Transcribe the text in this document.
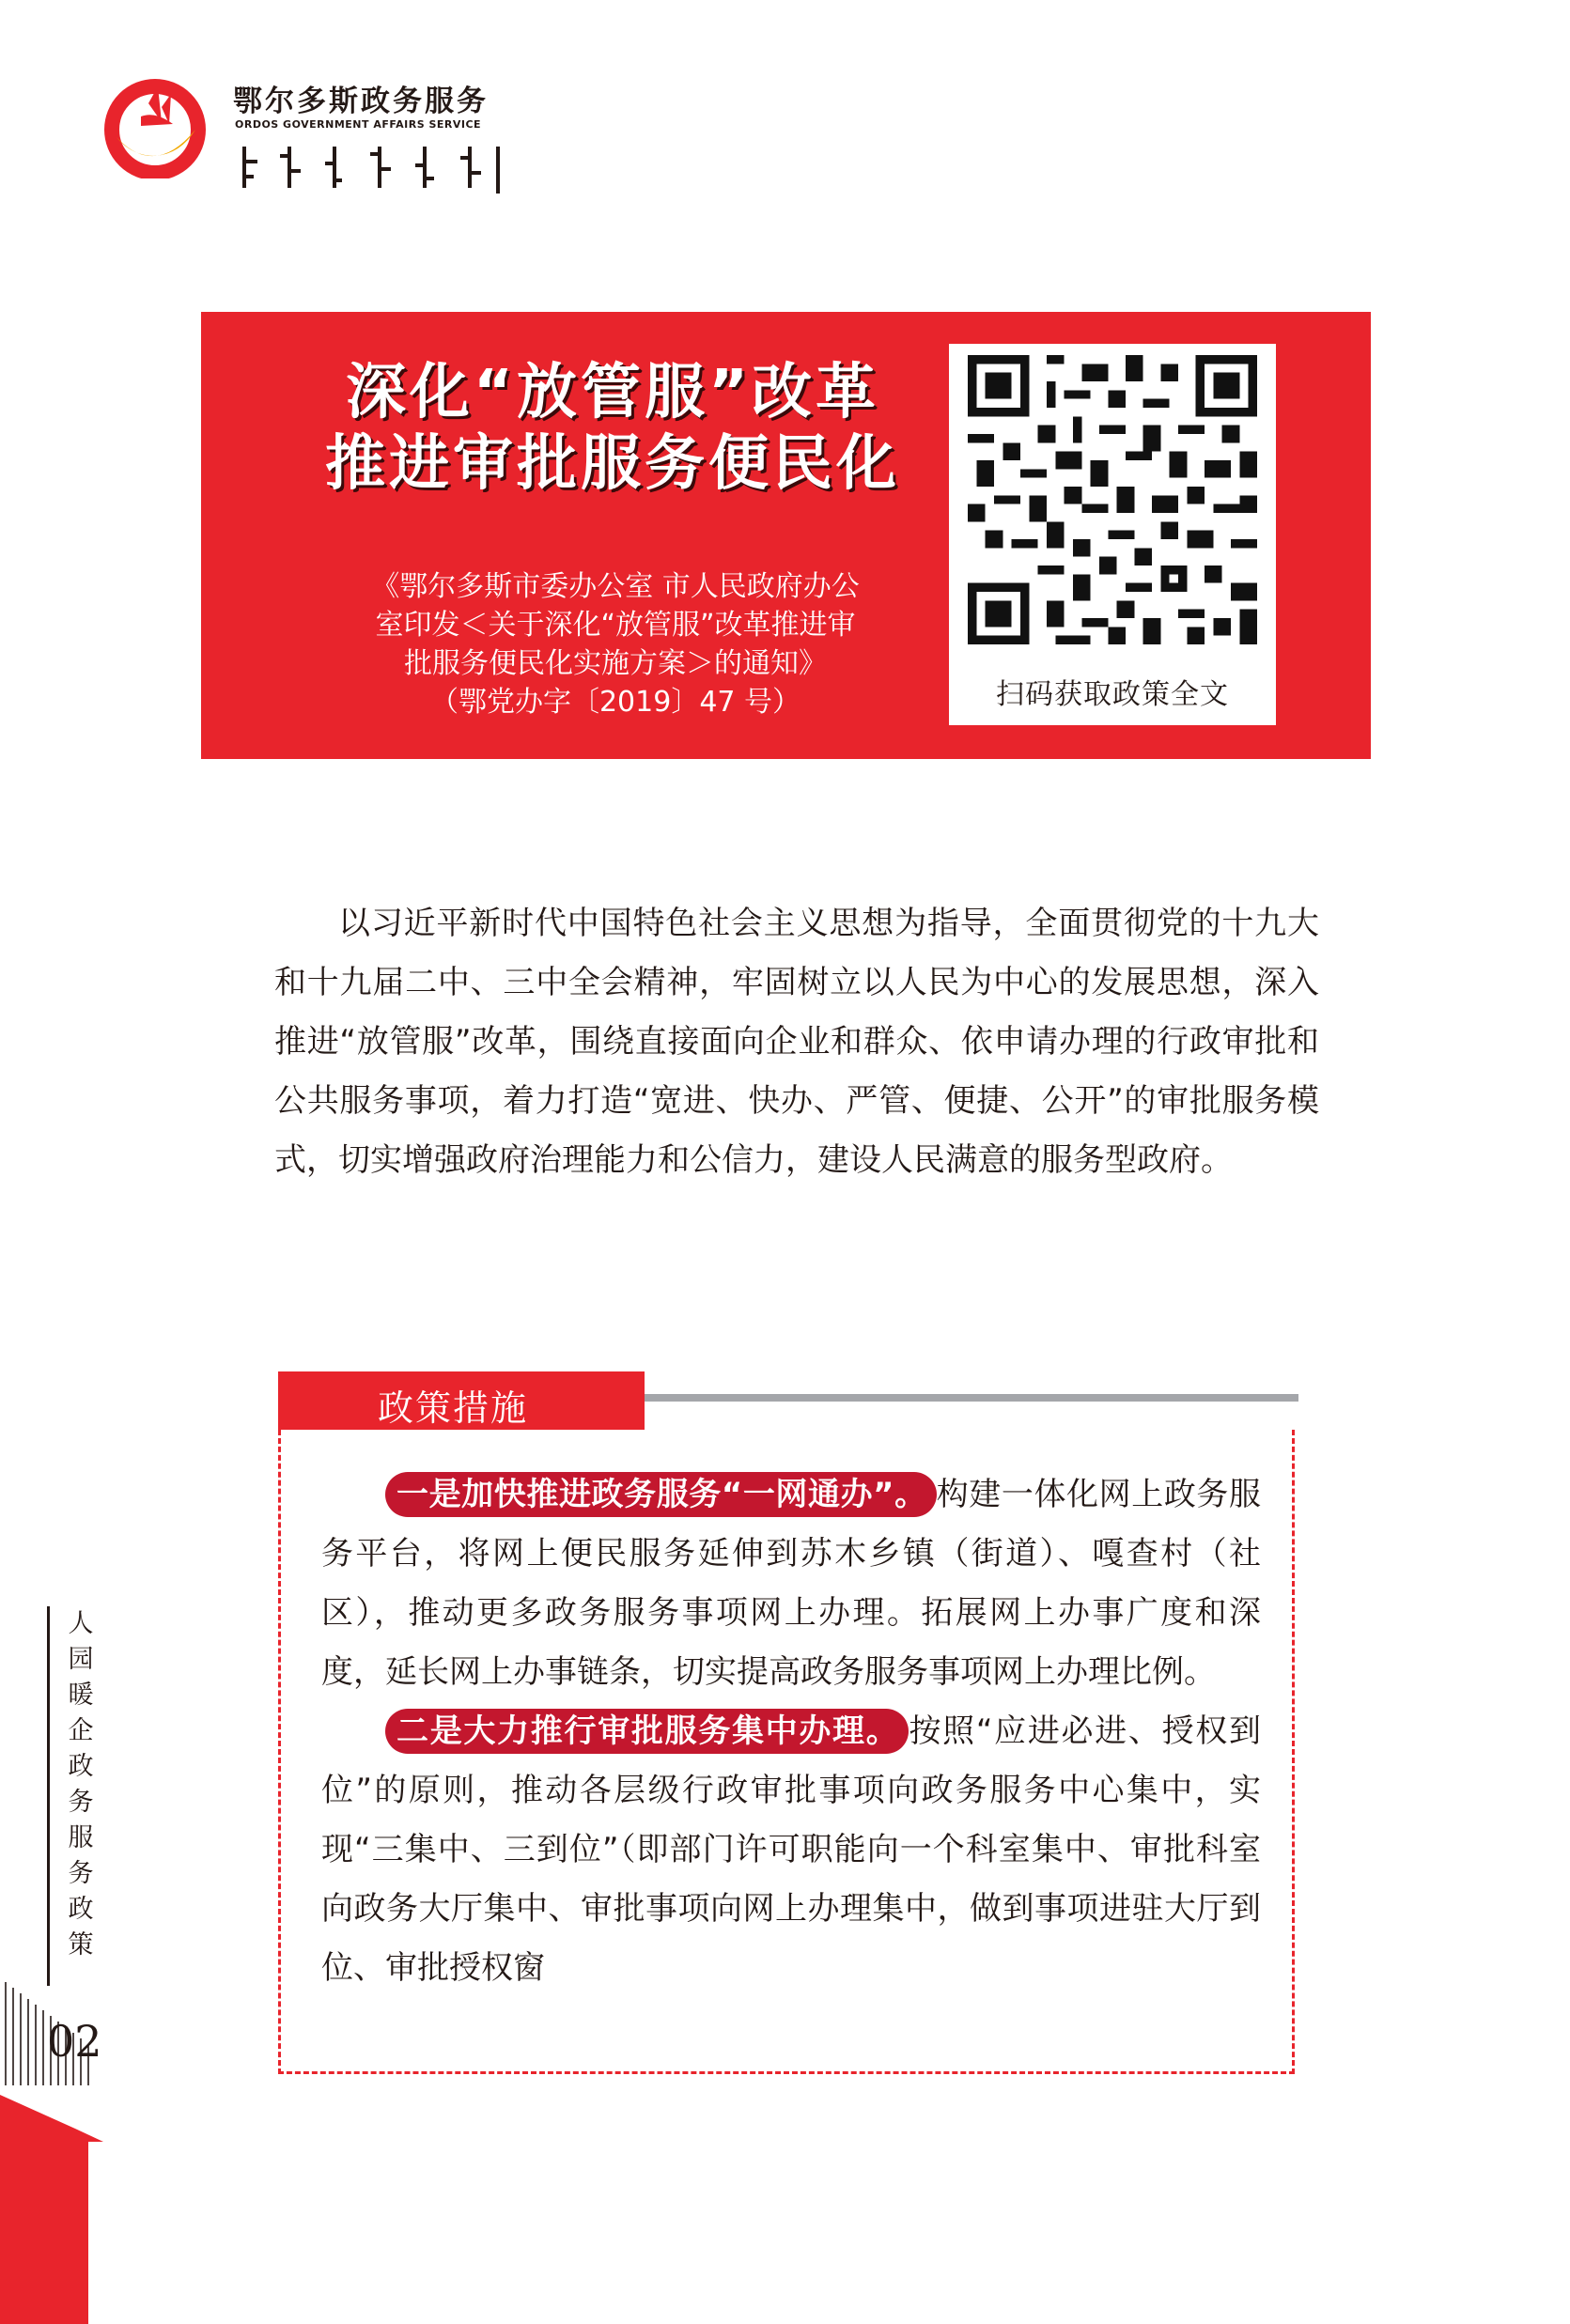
鄂尔多斯政务服务
ORDOS GOVERNMENT AFFAIRS SERVICE
深化“放管服”改革
推进审批服务便民化
《鄂尔多斯市委办公室 市人民政府办公
室印发＜关于深化“放管服”改革推进审
批服务便民化实施方案＞的通知》
（鄂党办字〔2019〕47 号）	扫码获取政策全文
以习近平新时代中国特色社会主义思想为指导，全面贯彻党的十九大和十九届二中、三中全会精神，牢固树立以人民为中心的发展思想，深入推进“放管服”改革，围绕直接面向企业和群众、依申请办理的行政审批和公共服务事项，着力打造“宽进、快办、严管、便捷、公开”的审批服务模式，切实增强政府治理能力和公信力，建设人民满意的服务型政府。
政策措施

一是加快推进政务服务“一网通办”。 构建一体化网上政务服务平台，将网上便民服务延伸到苏木乡镇（街道）、嘎查村（社区），推动更多政务服务事项网上办理。拓展网上办事广度和深度，延长网上办事链条，切实提高政务服务事项网上办理比例。

二是大力推行审批服务集中办理。 按照“应进必进、授权到位”的原则，推动各层级行政审批事项向政务服务中心集中，实现“三集中、三到位”（即部门许可职能向一个科室集中、审批科室向政务大厅集中、审批事项向网上办理集中，做到事项进驻大厅到位、审批授权窗

人
园
暖
企
政
务
服
务
政
策
02
